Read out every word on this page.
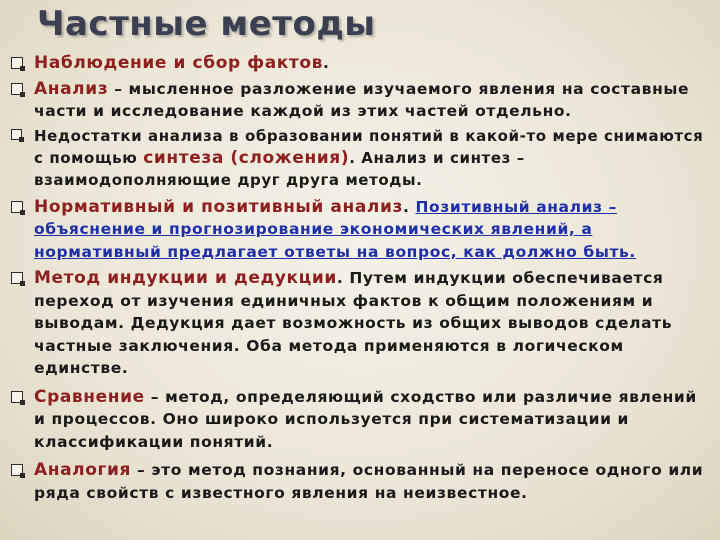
Частные методы
Наблюдение и сбор фактов.
Анализ – мысленное разложение изучаемого явления на составные части и исследование каждой из этих частей отдельно.
Недостатки анализа в образовании понятий в какой-то мере снимаются с помощью синтеза (сложения). Анализ и синтез – взаимодополняющие друг друга методы.
Нормативный и позитивный анализ. Позитивный анализ – объяснение и прогнозирование экономических явлений, а нормативный предлагает ответы на вопрос, как должно быть.
Метод индукции и дедукции. Путем индукции обеспечивается переход от изучения единичных фактов к общим положениям и выводам. Дедукция дает возможность из общих выводов сделать частные заключения. Оба метода применяются в логическом единстве.
Сравнение – метод, определяющий сходство или различие явлений и процессов. Оно широко используется при систематизации и классификации понятий.
Аналогия – это метод познания, основанный на переносе одного или ряда свойств с известного явления на неизвестное.
